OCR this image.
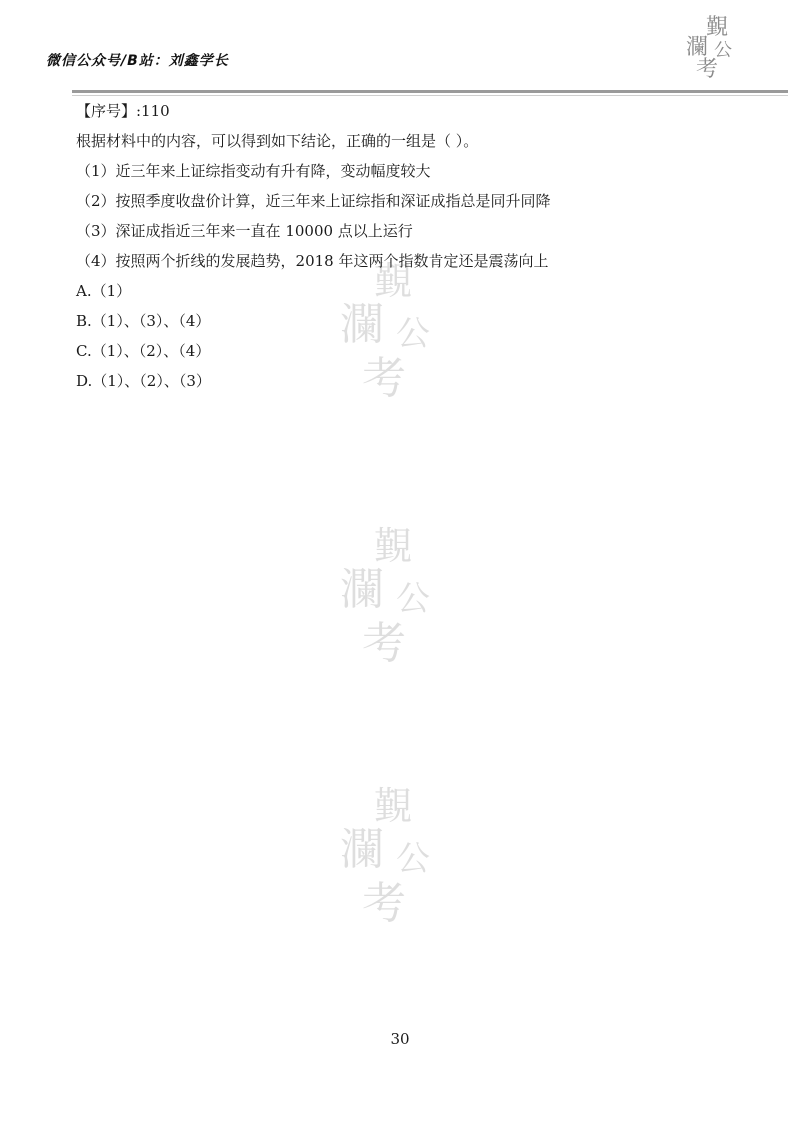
微信公众号/B站：刘鑫学长
覲
瀾 公
考
覲
瀾 公
考
覲
瀾 公
考
覲
瀾 公
考
【序号】:110
根据材料中的内容，可以得到如下结论，正确的一组是（ ）。
（1）近三年来上证综指变动有升有降，变动幅度较大
（2）按照季度收盘价计算，近三年来上证综指和深证成指总是同升同降
（3）深证成指近三年来一直在 10000 点以上运行
（4）按照两个折线的发展趋势，2018 年这两个指数肯定还是震荡向上
A.（1）
B.（1）、（3）、（4）
C.（1）、（2）、（4）
D.（1）、（2）、（3）
30
